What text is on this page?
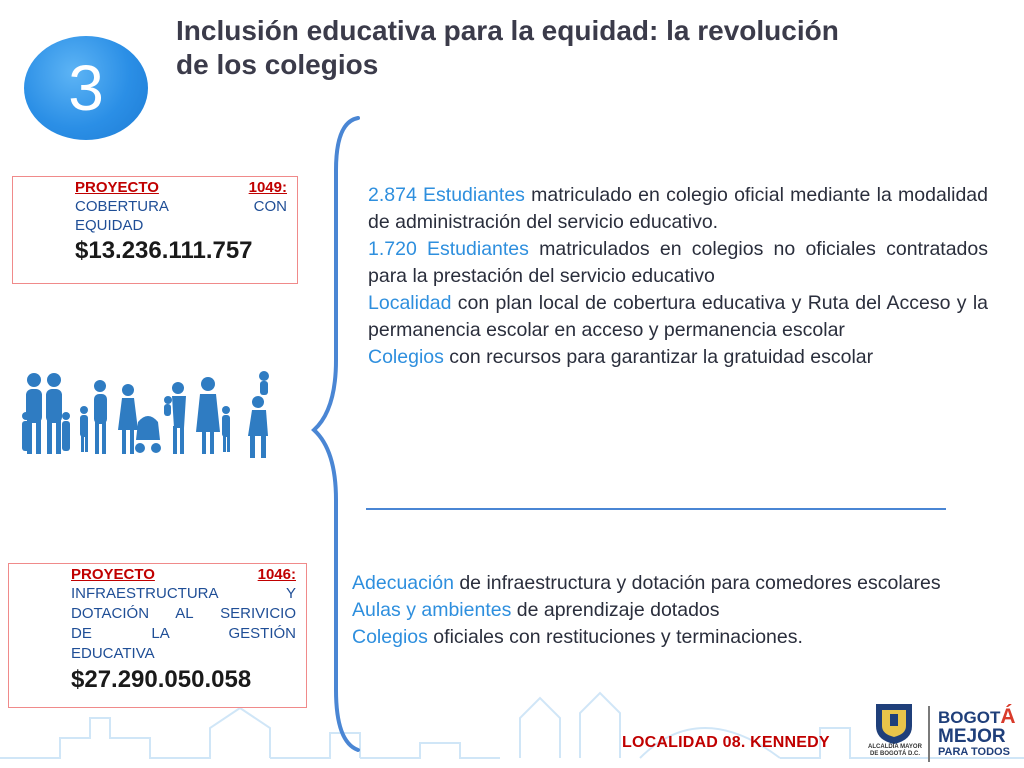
3
Inclusión educativa para la equidad: la revolución de los colegios
PROYECTO	1049:
COBERTURA CON
EQUIDAD
$13.236.111.757
PROYECTO	1046:
INFRAESTRUCTURA Y
DOTACIÓN AL SERIVICIO
DE LA GESTIÓN
EDUCATIVA
$27.290.050.058

2.874 Estudiantes matriculado en colegio oficial mediante la modalidad de administración del servicio educativo.

1.720 Estudiantes matriculados en colegios no oficiales contratados para la prestación del servicio educativo

Localidad con plan local de cobertura educativa y Ruta del Acceso y la permanencia escolar en acceso y permanencia escolar

Colegios con recursos para garantizar la gratuidad escolar

Adecuación de infraestructura y dotación para comedores escolares

Aulas y ambientes de aprendizaje dotados

Colegios oficiales con restituciones y terminaciones.

LOCALIDAD 08. KENNEDY	ALCALDÍA MAYOR DE BOGOTÁ D.C.
BOGOTÁ
MEJOR
PARA TODOS
